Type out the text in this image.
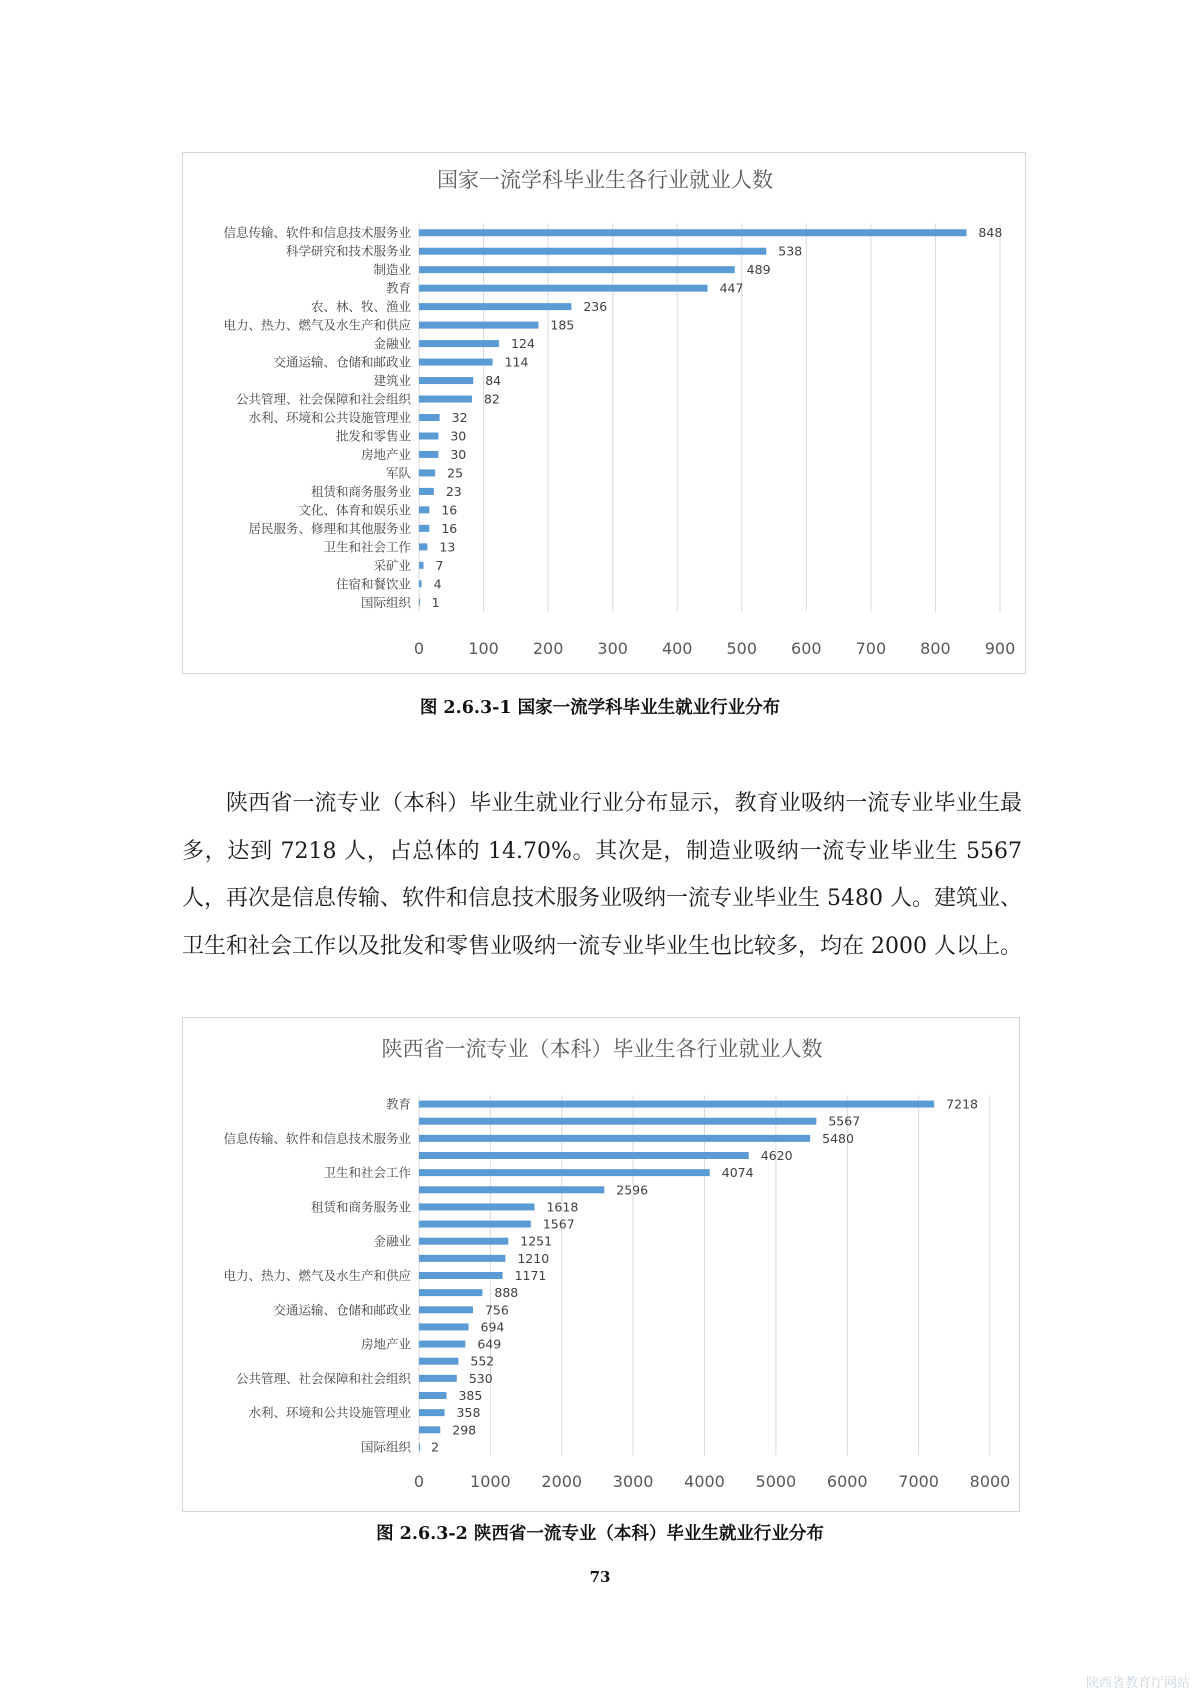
国家一流学科毕业生各行业就业人数
0	100 200 300 400 500 600 700 800 900
848
信息传输、软件和信息技术服务业
538
科学研究和技术服务业
489
制造业
447
教育
236
农、林、牧、渔业
185
电力、热力、燃气及水生产和供应
124
金融业
114
交通运输、仓储和邮政业
84
建筑业
82
公共管理、社会保障和社会组织
32
水利、环境和公共设施管理业
30
批发和零售业
30
房地产业
25
军队
23
租赁和商务服务业
16
文化、体育和娱乐业
16
居民服务、修理和其他服务业
13
卫生和社会工作
7
采矿业
4
住宿和餐饮业
1
国际组织
图 2.6.3-1 国家一流学科毕业生就业行业分布

陕西省一流专业（本科）毕业生就业行业分布显示，教育业吸纳一流专业毕业生最多，达到 7218 人，占总体的 14.70%。其次是，制造业吸纳一流专业毕业生 5567 人，再次是信息传输、软件和信息技术服务业吸纳一流专业毕业生 5480 人。建筑业、卫生和社会工作以及批发和零售业吸纳一流专业毕业生也比较多，均在 2000 人以上。

陕西省一流专业（本科）毕业生各行业就业人数
0	1000 2000 3000 4000 5000 6000 7000 8000
7218
教育
5567
5480
信息传输、软件和信息技术服务业
4620
4074
卫生和社会工作
2596
1618
租赁和商务服务业
1567
1251
金融业
1210
1171
电力、热力、燃气及水生产和供应
888
756
交通运输、仓储和邮政业
694
649
房地产业
552
530
公共管理、社会保障和社会组织
385
358
水利、环境和公共设施管理业
298
2
国际组织
图 2.6.3-2 陕西省一流专业（本科）毕业生就业行业分布
73
陕西省教育厅网站
